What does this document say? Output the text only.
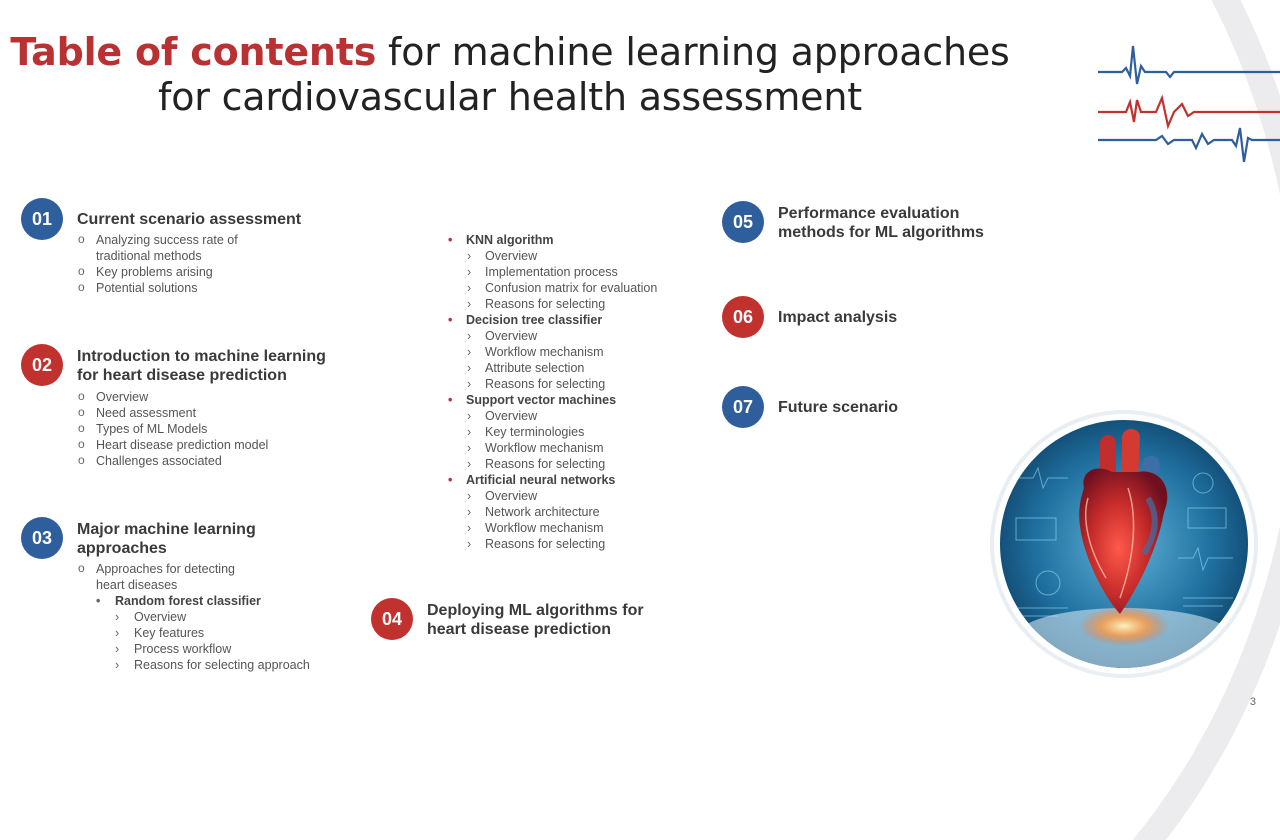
Table of contents for machine learning approaches for cardiovascular health assessment
01	Current scenario assessment
o Analyzing success rate of traditional methods
o Key problems arising
o Potential solutions
02	Introduction to machine learning
for heart disease prediction
o Overview
o Need assessment
o Types of ML Models
o Heart disease prediction model
o Challenges associated
03	Major machine learning
approaches
o Approaches for detecting
heart diseases
• Random forest classifier
› Overview
› Key features
› Process workflow
› Reasons for selecting approach
• KNN algorithm
› Overview
› Implementation process
› Confusion matrix for evaluation
› Reasons for selecting
• Decision tree classifier
› Overview
› Workflow mechanism
› Attribute selection
› Reasons for selecting
• Support vector machines
› Overview
› Key terminologies
› Workflow mechanism
› Reasons for selecting
• Artificial neural networks
› Overview
› Network architecture
› Workflow mechanism
› Reasons for selecting
04	Deploying ML algorithms for
heart disease prediction
05	Performance evaluation
methods for ML algorithms
06	Impact analysis
07	Future scenario
3
